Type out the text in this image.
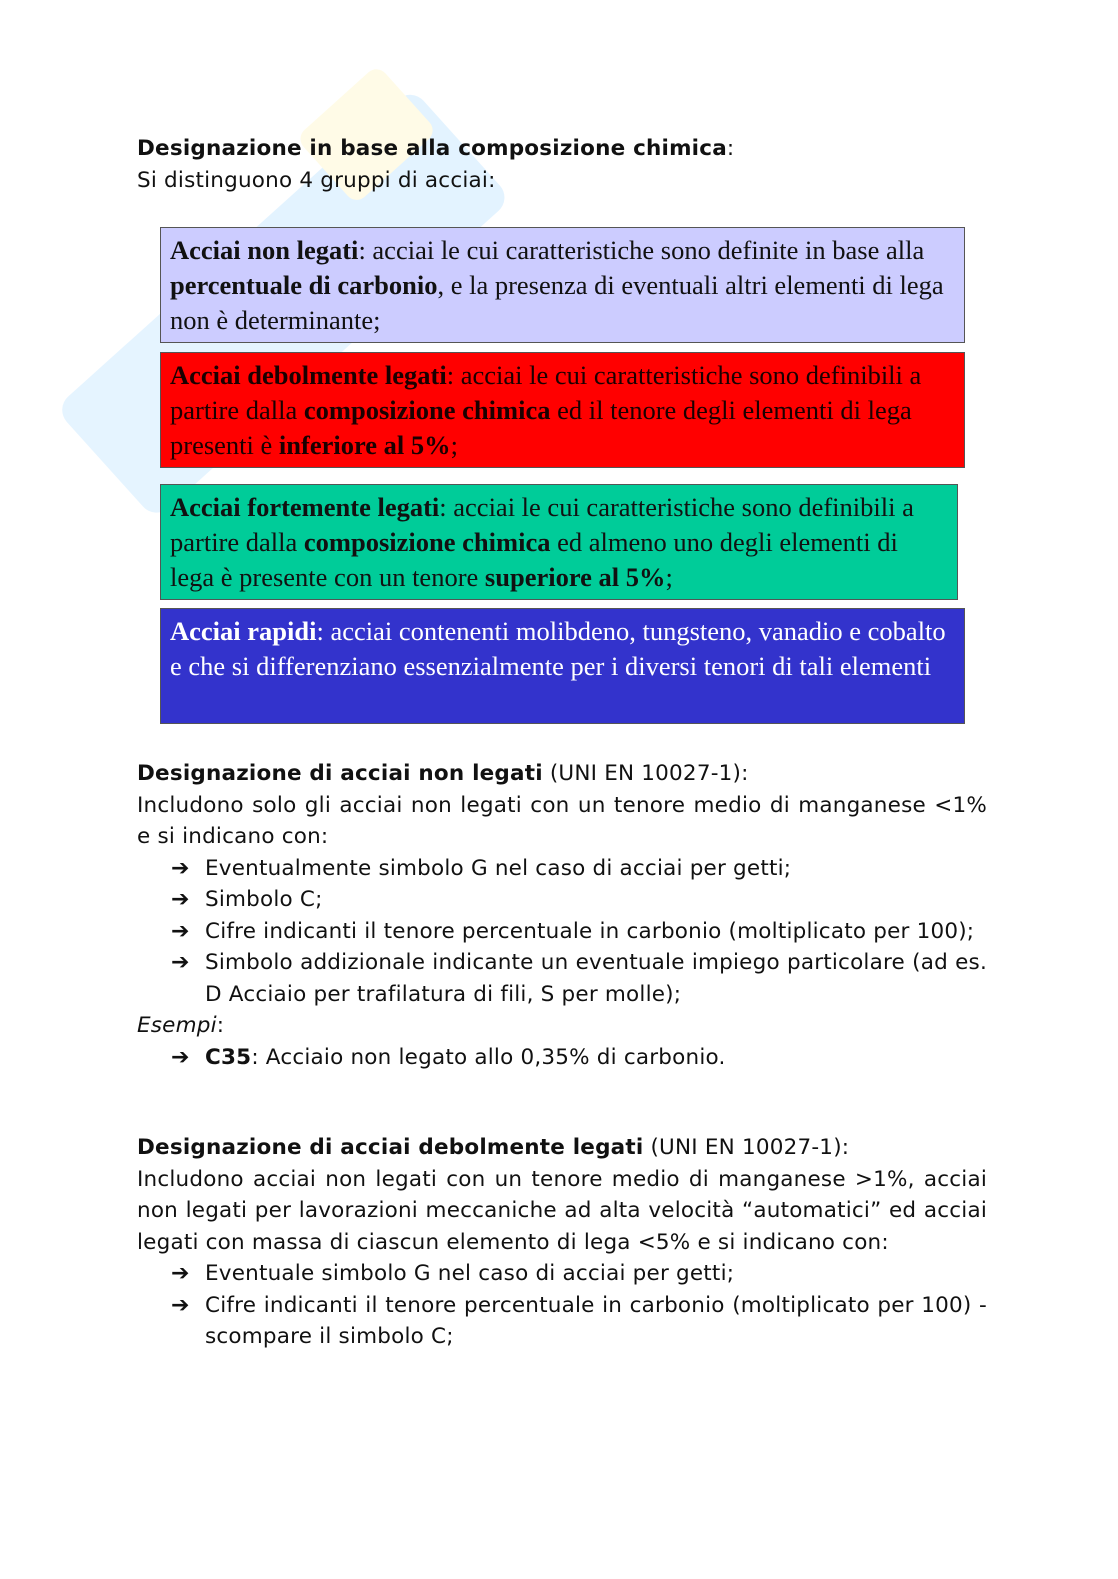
Designazione in base alla composizione chimica:
Si distinguono 4 gruppi di acciai:
Acciai non legati: acciai le cui caratteristiche sono definite in base alla percentuale di carbonio, e la presenza di eventuali altri elementi di lega non è determinante;
Acciai debolmente legati: acciai le cui caratteristiche sono definibili a partire dalla composizione chimica ed il tenore degli elementi di lega presenti è inferiore al 5%;
Acciai fortemente legati: acciai le cui caratteristiche sono definibili a partire dalla composizione chimica ed almeno uno degli elementi di lega è presente con un tenore superiore al 5%;
Acciai rapidi: acciai contenenti molibdeno, tungsteno, vanadio e cobalto e che si differenziano essenzialmente per i diversi tenori di tali elementi
Designazione di acciai non legati (UNI EN 10027-1):
Includono solo gli acciai non legati con un tenore medio di manganese <1% e si indicano con:
➔ Eventualmente simbolo G nel caso di acciai per getti;
➔ Simbolo C;
➔ Cifre indicanti il tenore percentuale in carbonio (moltiplicato per 100);
➔ Simbolo addizionale indicante un eventuale impiego particolare (ad es. D Acciaio per trafilatura di fili, S per molle);
Esempi:
➔ C35: Acciaio non legato allo 0,35% di carbonio.
Designazione di acciai debolmente legati (UNI EN 10027-1):
Includono acciai non legati con un tenore medio di manganese >1%, acciai non legati per lavorazioni meccaniche ad alta velocità “automatici” ed acciai legati con massa di ciascun elemento di lega <5% e si indicano con:
➔ Eventuale simbolo G nel caso di acciai per getti;
➔ Cifre indicanti il tenore percentuale in carbonio (moltiplicato per 100) - scompare il simbolo C;
